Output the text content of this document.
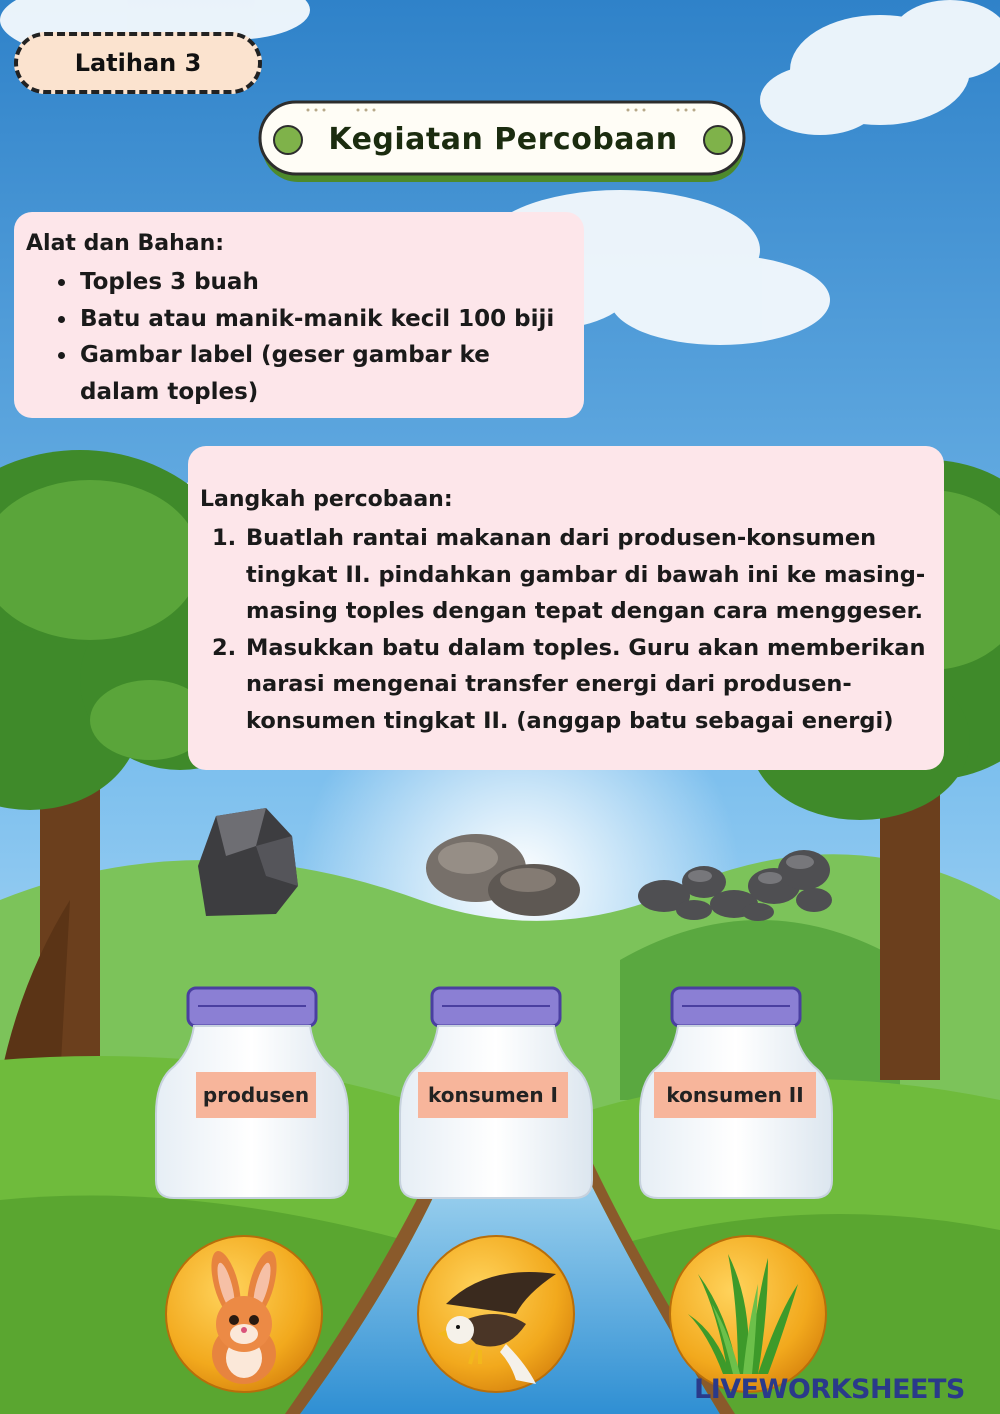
Latihan 3
Kegiatan Percobaan
Alat dan Bahan:
• Toples 3 buah
• Batu atau manik-manik kecil 100 biji
• Gambar label (geser gambar ke dalam toples)
Langkah percobaan:
1. Buatlah rantai makanan dari produsen-konsumen tingkat II. pindahkan gambar di bawah ini ke masing-masing toples dengan tepat dengan cara menggeser.
2. Masukkan batu dalam toples. Guru akan memberikan narasi mengenai transfer energi dari produsen-konsumen tingkat II. (anggap batu sebagai energi)
produsen	konsumen I	konsumen II
LIVEWORKSHEETS
